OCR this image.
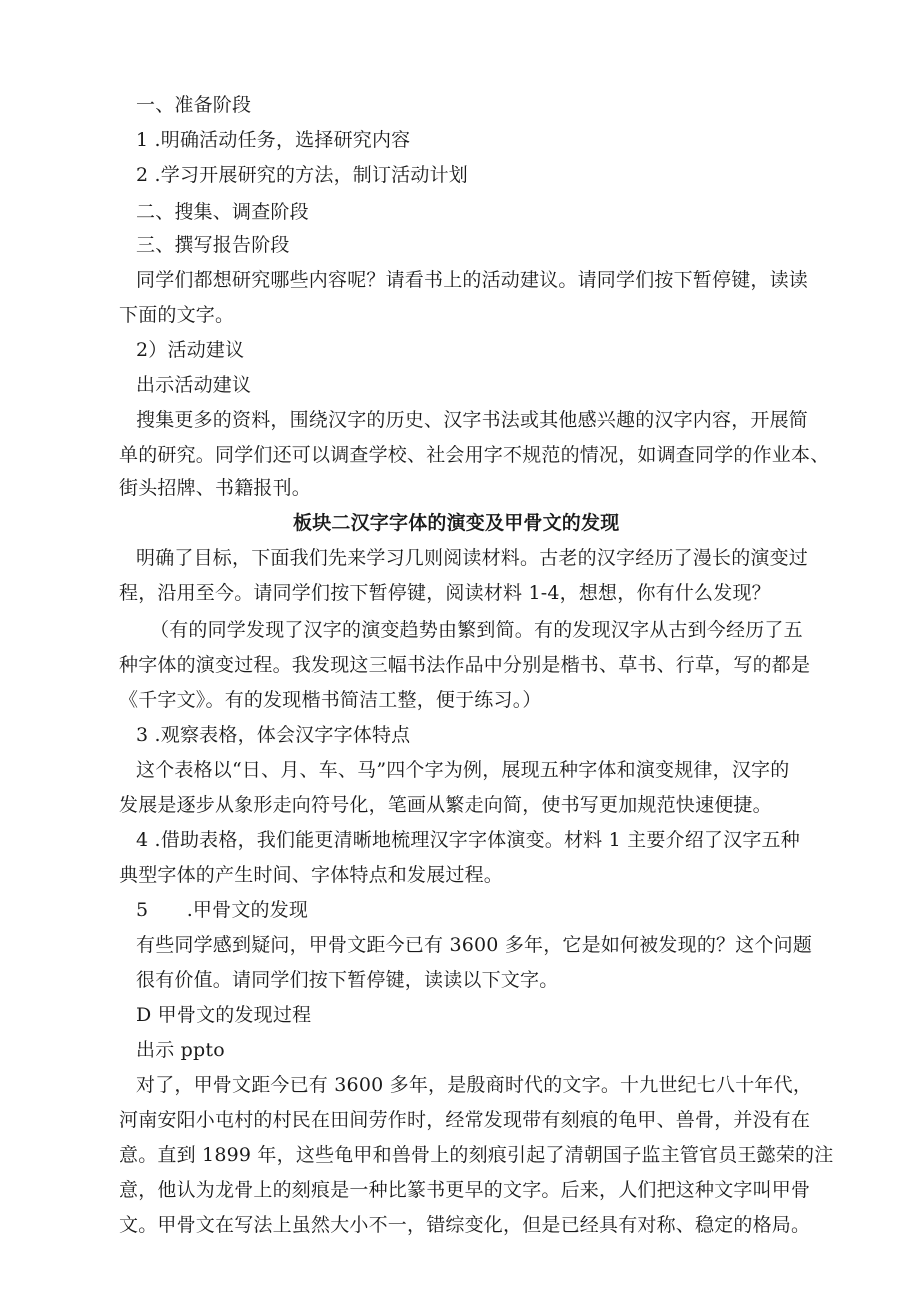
一、准备阶段
1 .明确活动任务，选择研究内容
2 .学习开展研究的方法，制订活动计划
二、搜集、调查阶段
三、撰写报告阶段
同学们都想研究哪些内容呢？请看书上的活动建议。请同学们按下暂停键，读读
下面的文字。
2）活动建议
出示活动建议
搜集更多的资料，围绕汉字的历史、汉字书法或其他感兴趣的汉字内容，开展简
单的研究。同学们还可以调查学校、社会用字不规范的情况，如调查同学的作业本、
街头招牌、书籍报刊。
板块二汉字字体的演变及甲骨文的发现
明确了目标，下面我们先来学习几则阅读材料。古老的汉字经历了漫长的演变过
程，沿用至今。请同学们按下暂停键，阅读材料 1-4，想想，你有什么发现？
（有的同学发现了汉字的演变趋势由繁到简。有的发现汉字从古到今经历了五
种字体的演变过程。我发现这三幅书法作品中分别是楷书、草书、行草，写的都是
《千字文》。有的发现楷书简洁工整，便于练习。）
3 .观察表格，体会汉字字体特点
这个表格以“日、月、车、马”四个字为例，展现五种字体和演变规律，汉字的
发展是逐步从象形走向符号化，笔画从繁走向简，使书写更加规范快速便捷。
4 .借助表格，我们能更清晰地梳理汉字字体演变。材料 1 主要介绍了汉字五种
典型字体的产生时间、字体特点和发展过程。
5　　.甲骨文的发现
有些同学感到疑问，甲骨文距今已有 3600 多年，它是如何被发现的？这个问题
很有价值。请同学们按下暂停键，读读以下文字。
D 甲骨文的发现过程
出示 ppto
对了，甲骨文距今已有 3600 多年，是殷商时代的文字。十九世纪七八十年代，
河南安阳小屯村的村民在田间劳作时，经常发现带有刻痕的龟甲、兽骨，并没有在
意。直到 1899 年，这些龟甲和兽骨上的刻痕引起了清朝国子监主管官员王懿荣的注
意，他认为龙骨上的刻痕是一种比篆书更早的文字。后来，人们把这种文字叫甲骨
文。甲骨文在写法上虽然大小不一，错综变化，但是已经具有对称、稳定的格局。
